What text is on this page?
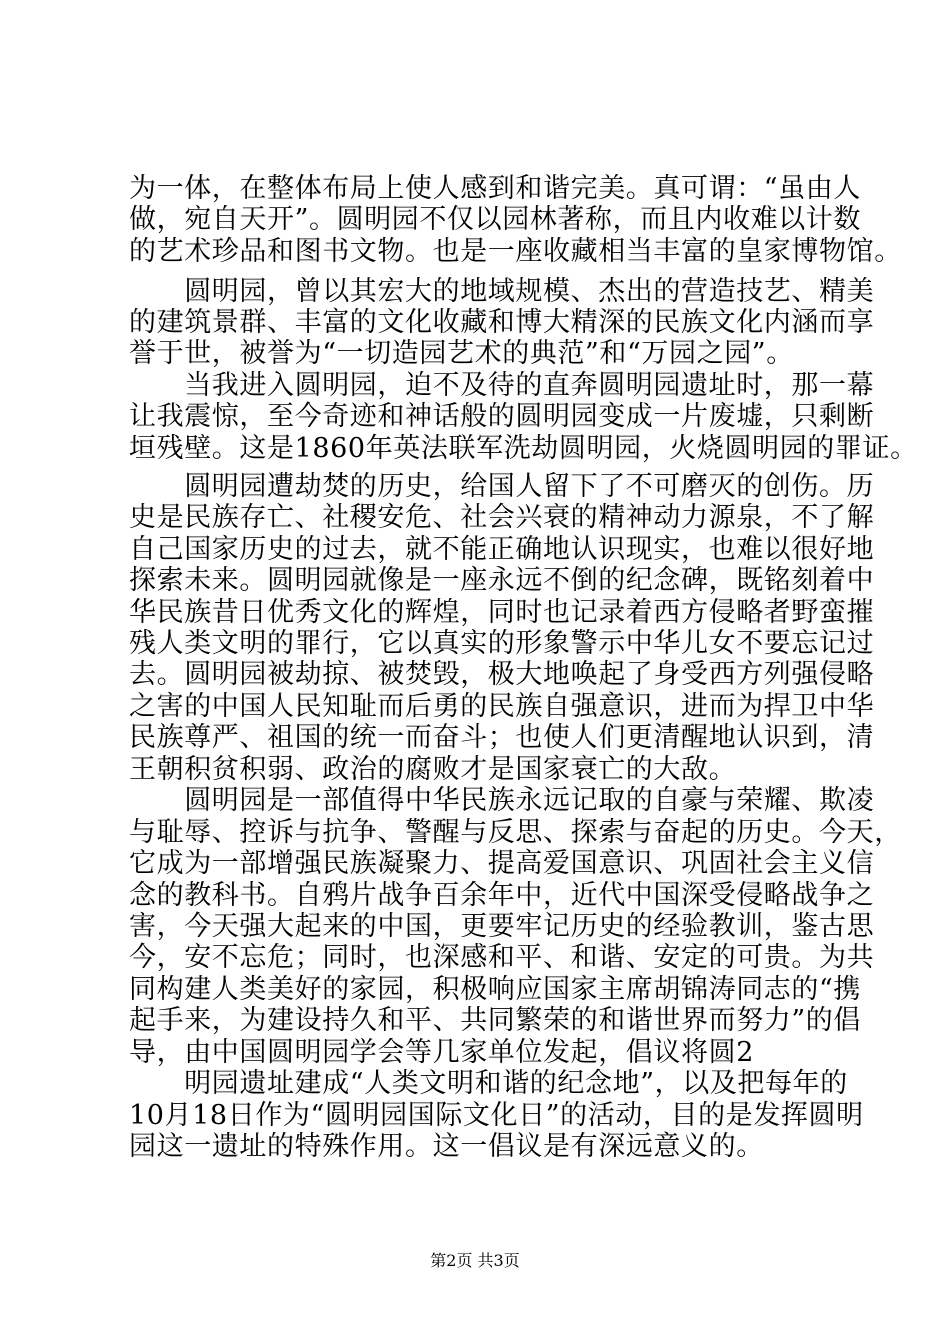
为一体，在整体布局上使人感到和谐完美。真可谓：“虽由人
做，宛自天开”。圆明园不仅以园林著称，而且内收难以计数
的艺术珍品和图书文物。也是一座收藏相当丰富的皇家博物馆。
　　圆明园，曾以其宏大的地域规模、杰出的营造技艺、精美
的建筑景群、丰富的文化收藏和博大精深的民族文化内涵而享
誉于世，被誉为“一切造园艺术的典范”和“万园之园”。
　　当我进入圆明园，迫不及待的直奔圆明园遗址时，那一幕
让我震惊，至今奇迹和神话般的圆明园变成一片废墟，只剩断
垣残壁。这是1860年英法联军洗劫圆明园，火烧圆明园的罪证。
　　圆明园遭劫焚的历史，给国人留下了不可磨灭的创伤。历
史是民族存亡、社稷安危、社会兴衰的精神动力源泉，不了解
自己国家历史的过去，就不能正确地认识现实，也难以很好地
探索未来。圆明园就像是一座永远不倒的纪念碑，既铭刻着中
华民族昔日优秀文化的辉煌，同时也记录着西方侵略者野蛮摧
残人类文明的罪行，它以真实的形象警示中华儿女不要忘记过
去。圆明园被劫掠、被焚毁，极大地唤起了身受西方列强侵略
之害的中国人民知耻而后勇的民族自强意识，进而为捍卫中华
民族尊严、祖国的统一而奋斗；也使人们更清醒地认识到，清
王朝积贫积弱、政治的腐败才是国家衰亡的大敌。
　　圆明园是一部值得中华民族永远记取的自豪与荣耀、欺凌
与耻辱、控诉与抗争、警醒与反思、探索与奋起的历史。今天，
它成为一部增强民族凝聚力、提高爱国意识、巩固社会主义信
念的教科书。自鸦片战争百余年中，近代中国深受侵略战争之
害，今天强大起来的中国，更要牢记历史的经验教训，鉴古思
今，安不忘危；同时，也深感和平、和谐、安定的可贵。为共
同构建人类美好的家园，积极响应国家主席胡锦涛同志的“携
起手来，为建设持久和平、共同繁荣的和谐世界而努力”的倡
导，由中国圆明园学会等几家单位发起，倡议将圆2
　　明园遗址建成“人类文明和谐的纪念地”，以及把每年的
10月18日作为“圆明园国际文化日”的活动，目的是发挥圆明
园这一遗址的特殊作用。这一倡议是有深远意义的。
第2页 共3页
